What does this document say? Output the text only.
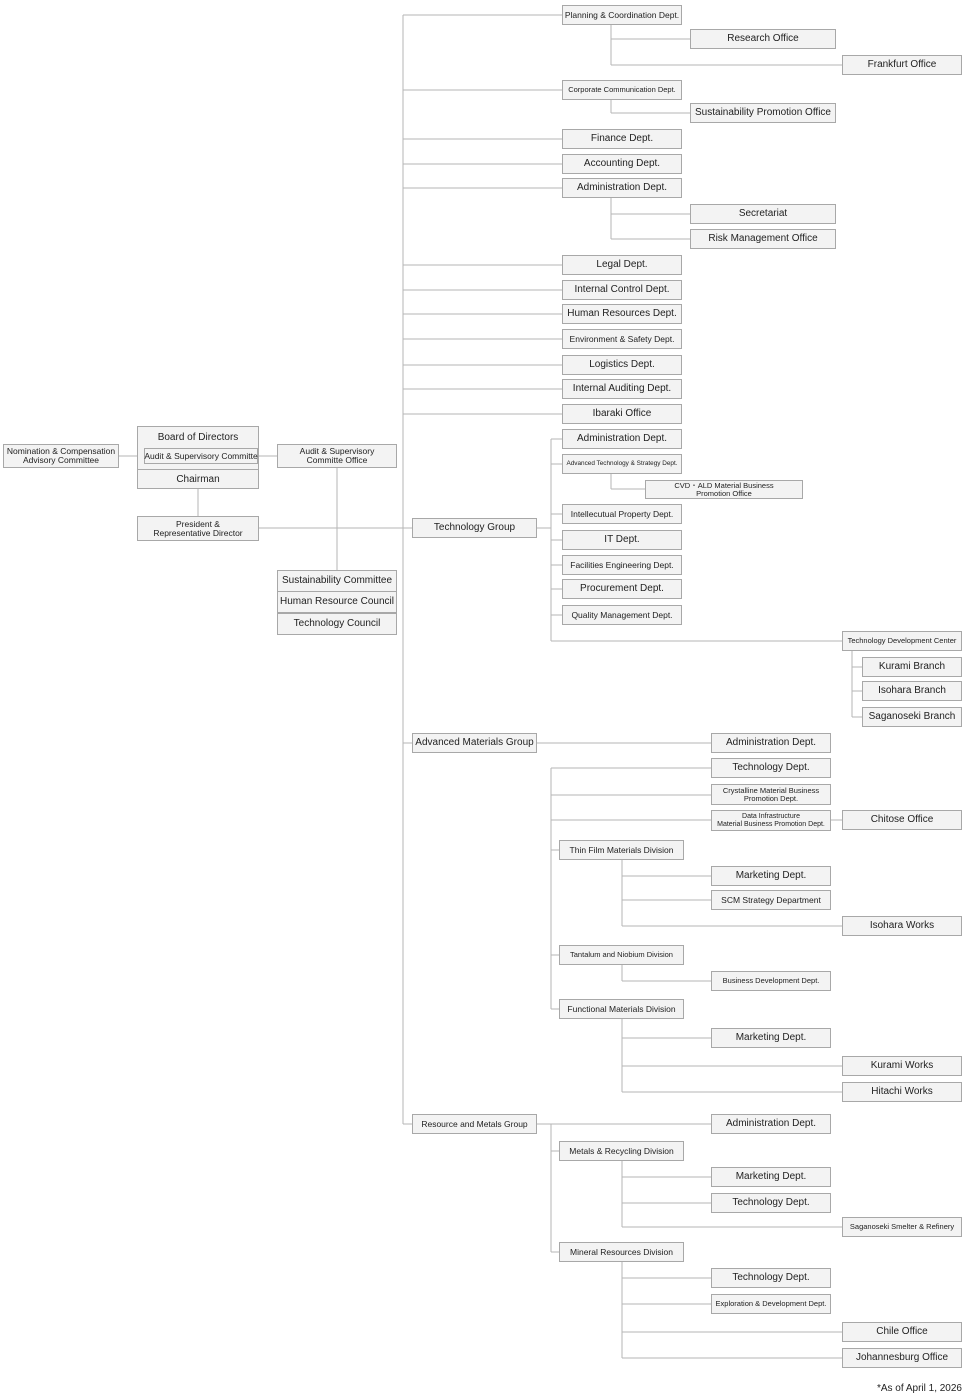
Nomination & Compensation
Advisory Committee
Board of Directors
Audit & Supervisory Committe
Chairman
Audit & Supervisory
Committe Office
President &
Representative Director
Sustainability Committee
Human Resource Council
Technology Council
Planning & Coordination Dept.
Research Office
Frankfurt Office
Corporate Communication Dept.
Sustainability Promotion Office
Finance Dept.
Accounting Dept.
Administration Dept.
Secretariat
Risk Management Office
Legal Dept.
Internal Control Dept.
Human Resources Dept.
Environment & Safety Dept.
Logistics Dept.
Internal Auditing Dept.
Ibaraki Office
Technology Group
Administration Dept.
Advanced Technology & Strategy Dept.
CVD・ALD Material Business
Promotion Office
Intellecutual Property Dept.
IT Dept.
Facilities Engineering Dept.
Procurement Dept.
Quality Management Dept.
Technology Development Center
Kurami Branch
Isohara Branch
Saganoseki Branch
Advanced Materials Group	Administration Dept.
Technology Dept.
Crystalline Material Business
Promotion Dept.
Data Infrastructure
Material Business Promotion Dept.	Chitose Office
Thin Film Materials Division
Marketing Dept.
SCM Strategy Department
Isohara Works
Tantalum and Niobium Division
Business Development Dept.
Functional Materials Division
Marketing Dept.
Kurami Works
Hitachi Works
Resource and Metals Group	Administration Dept.
Metals & Recycling Division
Marketing Dept.
Technology Dept.
Saganoseki Smelter & Refinery
Mineral Resources Division
Technology Dept.
Exploration & Development Dept.
Chile Office
Johannesburg Office
*As of April 1, 2026
